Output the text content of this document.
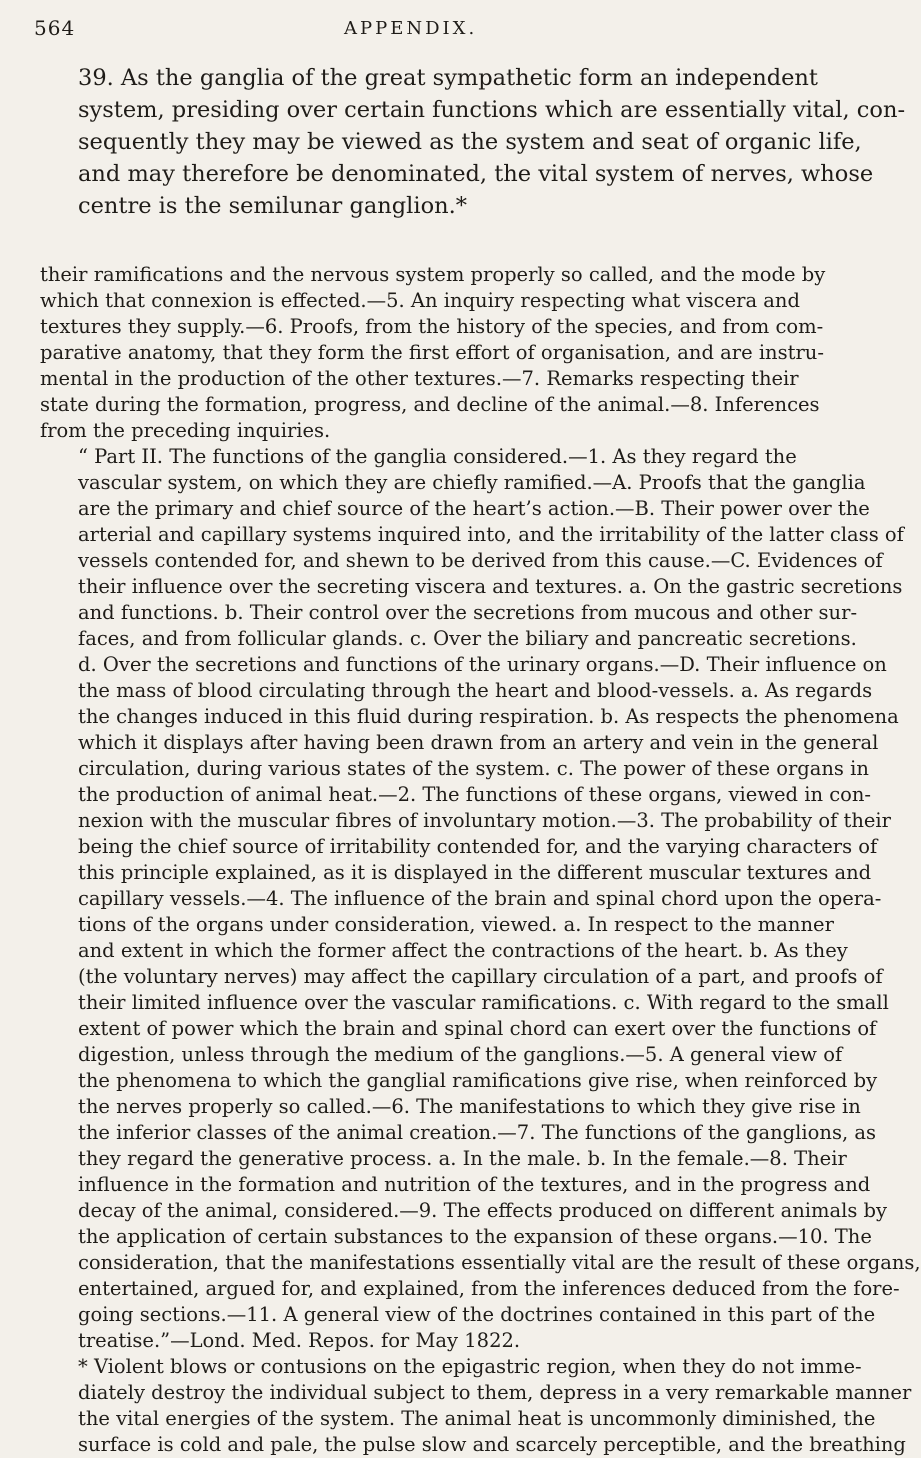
564	APPENDIX.

39. As the ganglia of the great sympathetic form an independent
system, presiding over certain functions which are essentially vital, con-
sequently they may be viewed as the system and seat of organic life,
and may therefore be denominated, the vital system of nerves, whose
centre is the semilunar ganglion.*

their ramifications and the nervous system properly so called, and the mode by
which that connexion is effected.—5. An inquiry respecting what viscera and
textures they supply.—6. Proofs, from the history of the species, and from com-
parative anatomy, that they form the first effort of organisation, and are instru-
mental in the production of the other textures.—7. Remarks respecting their
state during the formation, progress, and decline of the animal.—8. Inferences
from the preceding inquiries.

“ Part II. The functions of the ganglia considered.—1. As they regard the
vascular system, on which they are chiefly ramified.—A. Proofs that the ganglia
are the primary and chief source of the heart’s action.—B. Their power over the
arterial and capillary systems inquired into, and the irritability of the latter class of
vessels contended for, and shewn to be derived from this cause.—C. Evidences of
their influence over the secreting viscera and textures. a. On the gastric secretions
and functions. b. Their control over the secretions from mucous and other sur-
faces, and from follicular glands. c. Over the biliary and pancreatic secretions.
d. Over the secretions and functions of the urinary organs.—D. Their influence on
the mass of blood circulating through the heart and blood-vessels. a. As regards
the changes induced in this fluid during respiration. b. As respects the phenomena
which it displays after having been drawn from an artery and vein in the general
circulation, during various states of the system. c. The power of these organs in
the production of animal heat.—2. The functions of these organs, viewed in con-
nexion with the muscular fibres of involuntary motion.—3. The probability of their
being the chief source of irritability contended for, and the varying characters of
this principle explained, as it is displayed in the different muscular textures and
capillary vessels.—4. The influence of the brain and spinal chord upon the opera-
tions of the organs under consideration, viewed. a. In respect to the manner
and extent in which the former affect the contractions of the heart. b. As they
(the voluntary nerves) may affect the capillary circulation of a part, and proofs of
their limited influence over the vascular ramifications. c. With regard to the small
extent of power which the brain and spinal chord can exert over the functions of
digestion, unless through the medium of the ganglions.—5. A general view of
the phenomena to which the ganglial ramifications give rise, when reinforced by
the nerves properly so called.—6. The manifestations to which they give rise in
the inferior classes of the animal creation.—7. The functions of the ganglions, as
they regard the generative process. a. In the male. b. In the female.—8. Their
influence in the formation and nutrition of the textures, and in the progress and
decay of the animal, considered.—9. The effects produced on different animals by
the application of certain substances to the expansion of these organs.—10. The
consideration, that the manifestations essentially vital are the result of these organs,
entertained, argued for, and explained, from the inferences deduced from the fore-
going sections.—11. A general view of the doctrines contained in this part of the
treatise.”—Lond. Med. Repos. for May 1822.

* Violent blows or contusions on the epigastric region, when they do not imme-
diately destroy the individual subject to them, depress in a very remarkable manner
the vital energies of the system. The animal heat is uncommonly diminished, the
surface is cold and pale, the pulse slow and scarcely perceptible, and the breathing
